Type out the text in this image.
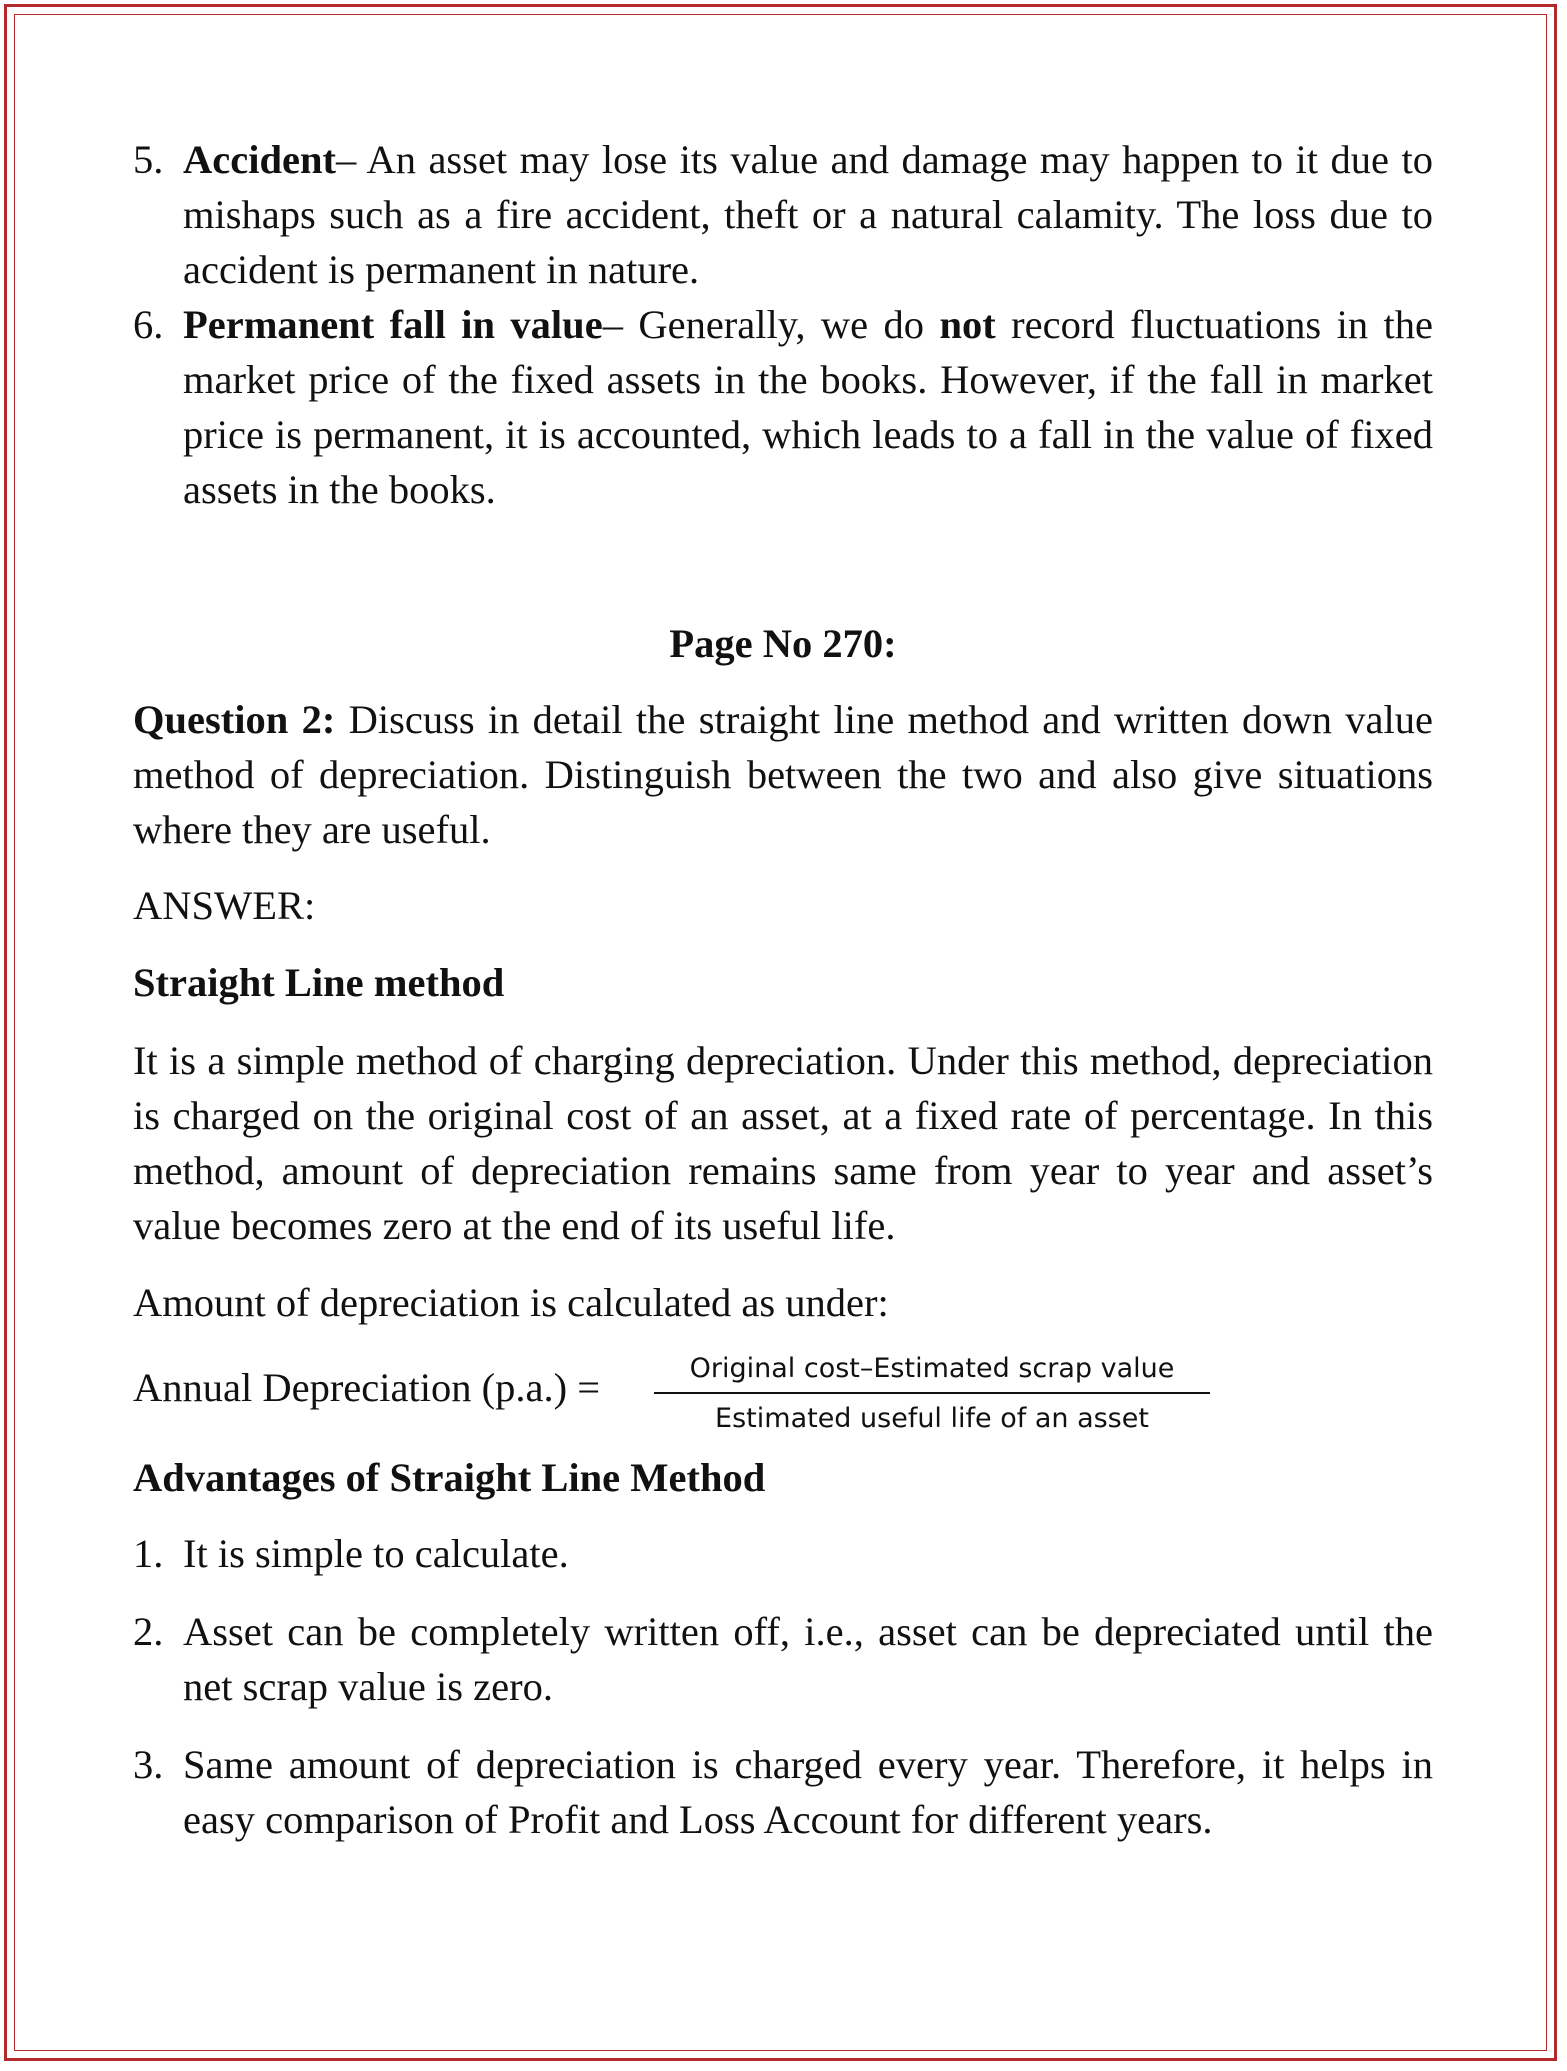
5. Accident– An asset may lose its value and damage may happen to it due to mishaps such as a fire accident, theft or a natural calamity. The loss due to accident is permanent in nature.
6. Permanent fall in value– Generally, we do not record fluctuations in the market price of the fixed assets in the books. However, if the fall in market price is permanent, it is accounted, which leads to a fall in the value of fixed assets in the books.

Page No 270:

Question 2: Discuss in detail the straight line method and written down value method of depreciation. Distinguish between the two and also give situations where they are useful.

ANSWER:

Straight Line method

It is a simple method of charging depreciation. Under this method, depreciation is charged on the original cost of an asset, at a fixed rate of percentage. In this method, amount of depreciation remains same from year to year and asset’s value becomes zero at the end of its useful life.

Amount of depreciation is calculated as under:

Annual Depreciation (p.a.) =	Original cost–Estimated scrap value
Estimated useful life of an asset

Advantages of Straight Line Method

1. It is simple to calculate.
2. Asset can be completely written off, i.e., asset can be depreciated until the net scrap value is zero.
3. Same amount of depreciation is charged every year. Therefore, it helps in easy comparison of Profit and Loss Account for different years.
